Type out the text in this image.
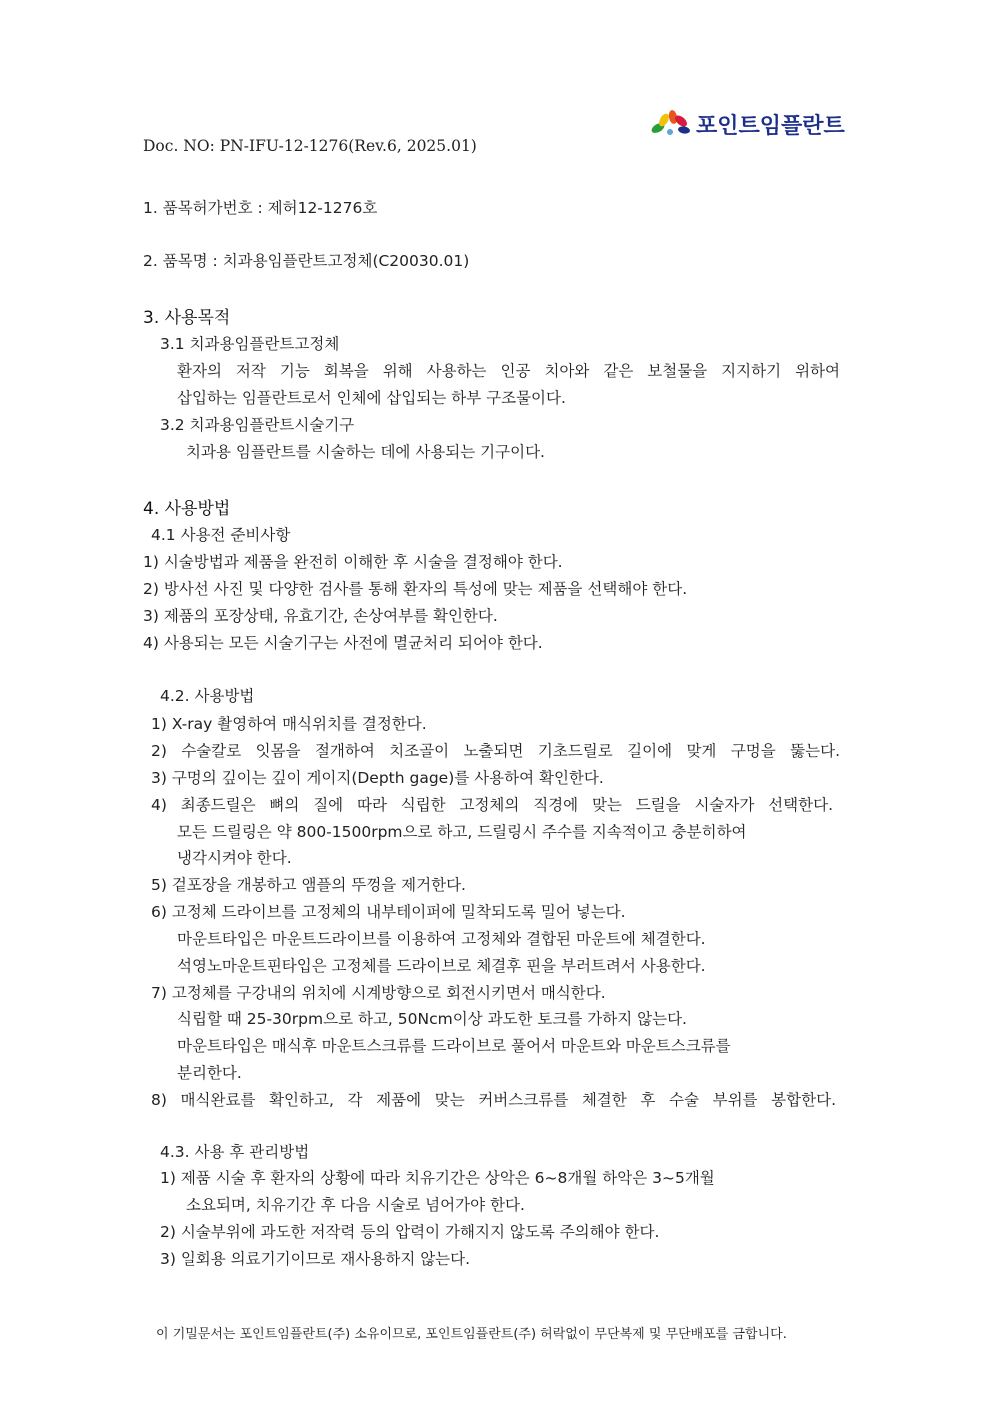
포인트임플란트
Doc. NO: PN-IFU-12-1276(Rev.6, 2025.01)
1. 품목허가번호 : 제허12-1276호
2. 품목명 : 치과용임플란트고정체(C20030.01)
3. 사용목적
3.1 치과용임플란트고정체
환자의 저작 기능 회복을 위해 사용하는 인공 치아와 같은 보철물을 지지하기 위하여
삽입하는 임플란트로서 인체에 삽입되는 하부 구조물이다.
3.2 치과용임플란트시술기구
치과용 임플란트를 시술하는 데에 사용되는 기구이다.
4. 사용방법
4.1 사용전 준비사항
1) 시술방법과 제품을 완전히 이해한 후 시술을 결정해야 한다.
2) 방사선 사진 및 다양한 검사를 통해 환자의 특성에 맞는 제품을 선택해야 한다.
3) 제품의 포장상태, 유효기간, 손상여부를 확인한다.
4) 사용되는 모든 시술기구는 사전에 멸균처리 되어야 한다.
4.2. 사용방법
1) X-ray 촬영하여 매식위치를 결정한다.
2) 수술칼로 잇몸을 절개하여 치조골이 노출되면 기초드릴로 길이에 맞게 구멍을 뚫는다.
3) 구멍의 깊이는 깊이 게이지(Depth gage)를 사용하여 확인한다.
4) 최종드릴은 뼈의 질에 따라 식립한 고정체의 직경에 맞는 드릴을 시술자가 선택한다.
모든 드릴링은 약 800-1500rpm으로 하고, 드릴링시 주수를 지속적이고 충분히하여
냉각시켜야 한다.
5) 겉포장을 개봉하고 앰플의 뚜껑을 제거한다.
6) 고정체 드라이브를 고정체의 내부테이퍼에 밀착되도록 밀어 넣는다.
마운트타입은 마운트드라이브를 이용하여 고정체와 결합된 마운트에 체결한다.
석영노마운트핀타입은 고정체를 드라이브로 체결후 핀을 부러트려서 사용한다.
7) 고정체를 구강내의 위치에 시계방향으로 회전시키면서 매식한다.
식립할 때 25-30rpm으로 하고, 50Ncm이상 과도한 토크를 가하지 않는다.
마운트타입은 매식후 마운트스크류를 드라이브로 풀어서 마운트와 마운트스크류를
분리한다.
8) 매식완료를 확인하고, 각 제품에 맞는 커버스크류를 체결한 후 수술 부위를 봉합한다.
4.3. 사용 후 관리방법
1) 제품 시술 후 환자의 상황에 따라 치유기간은 상악은 6~8개월 하악은 3~5개월
소요되며, 치유기간 후 다음 시술로 넘어가야 한다.
2) 시술부위에 과도한 저작력 등의 압력이 가해지지 않도록 주의해야 한다.
3) 일회용 의료기기이므로 재사용하지 않는다.
이 기밀문서는 포인트임플란트(주) 소유이므로, 포인트임플란트(주) 허락없이 무단복제 및 무단배포를 금합니다.
